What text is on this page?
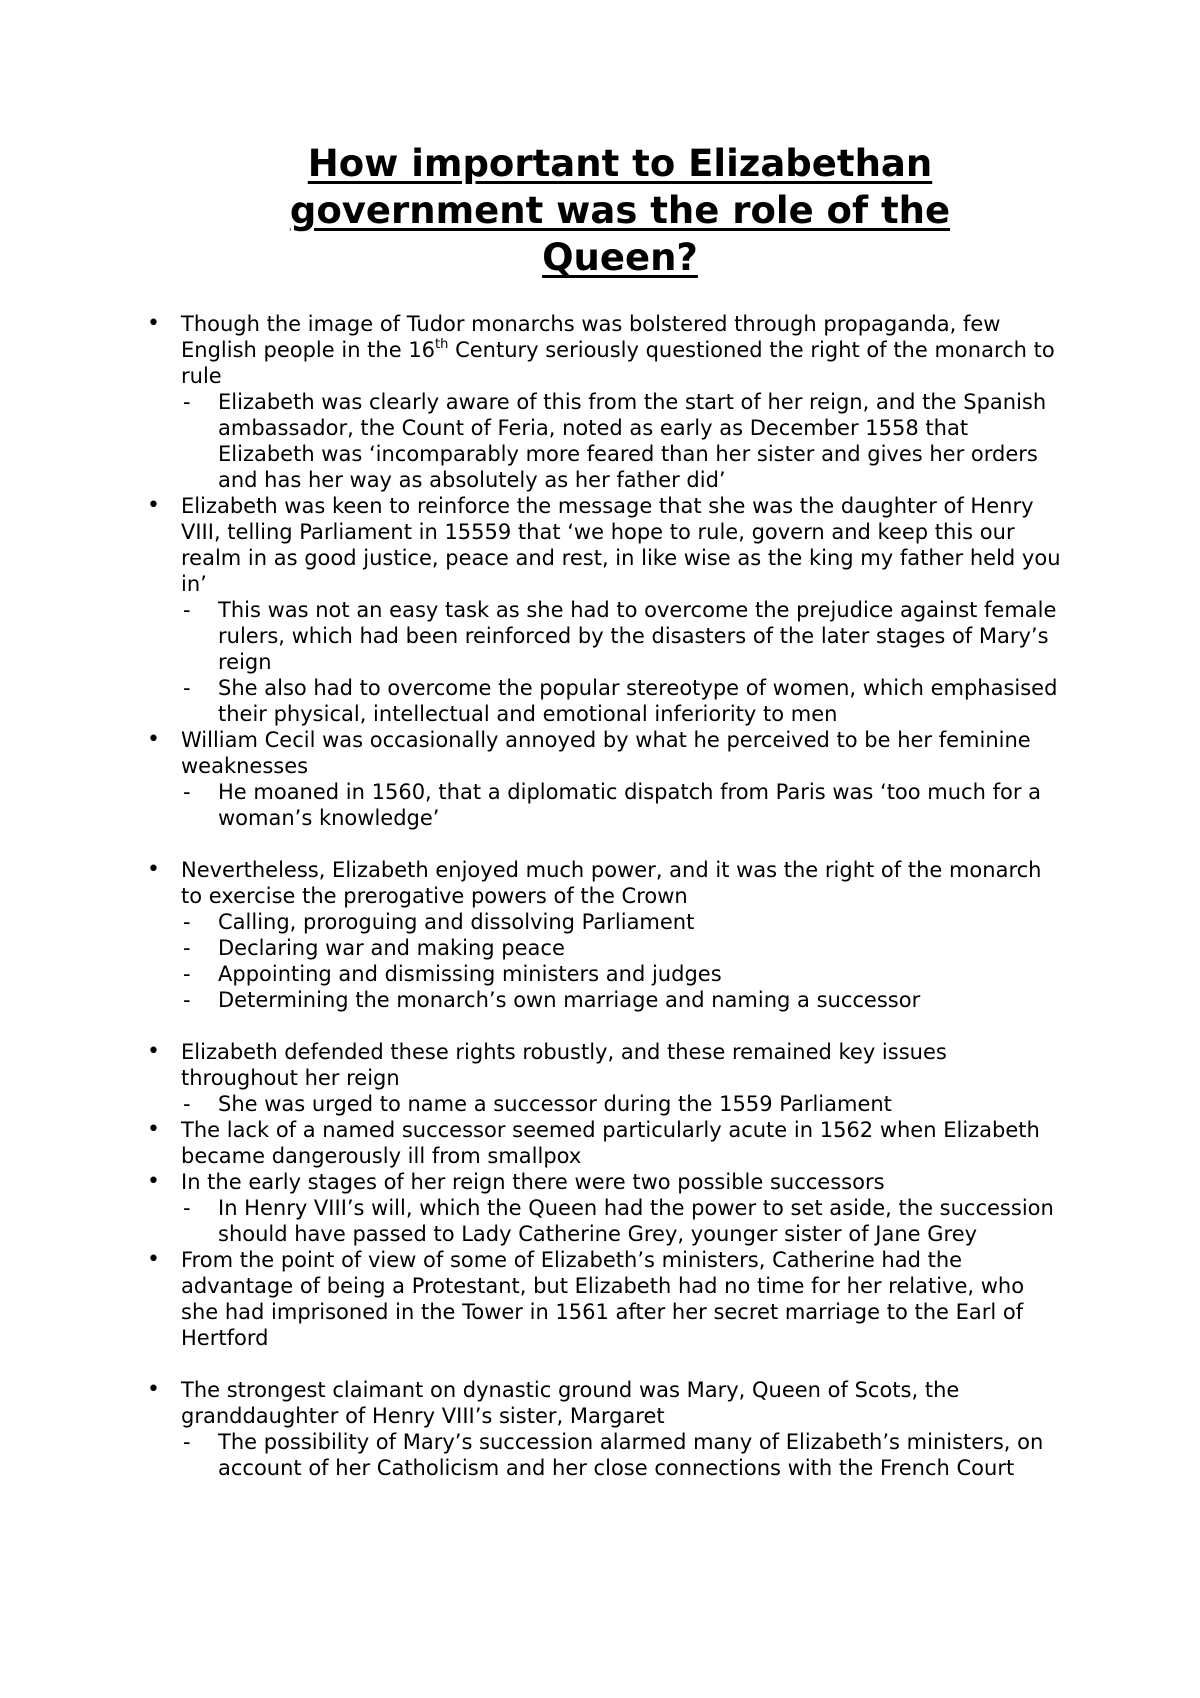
How important to Elizabethan
government was the role of the
Queen?
• Though the image of Tudor monarchs was bolstered through propaganda, few English people in the 16th Century seriously questioned the right of the monarch to rule
- Elizabeth was clearly aware of this from the start of her reign, and the Spanish ambassador, the Count of Feria, noted as early as December 1558 that Elizabeth was ‘incomparably more feared than her sister and gives her orders and has her way as absolutely as her father did’
• Elizabeth was keen to reinforce the message that she was the daughter of Henry VIII, telling Parliament in 15559 that ‘we hope to rule, govern and keep this our realm in as good justice, peace and rest, in like wise as the king my father held you in’
- This was not an easy task as she had to overcome the prejudice against female rulers, which had been reinforced by the disasters of the later stages of Mary’s reign
- She also had to overcome the popular stereotype of women, which emphasised their physical, intellectual and emotional inferiority to men
• William Cecil was occasionally annoyed by what he perceived to be her feminine weaknesses
- He moaned in 1560, that a diplomatic dispatch from Paris was ‘too much for a woman’s knowledge’
• Nevertheless, Elizabeth enjoyed much power, and it was the right of the monarch to exercise the prerogative powers of the Crown
- Calling, proroguing and dissolving Parliament
- Declaring war and making peace
- Appointing and dismissing ministers and judges
- Determining the monarch’s own marriage and naming a successor
• Elizabeth defended these rights robustly, and these remained key issues throughout her reign
- She was urged to name a successor during the 1559 Parliament
• The lack of a named successor seemed particularly acute in 1562 when Elizabeth became dangerously ill from smallpox
• In the early stages of her reign there were two possible successors
- In Henry VIII’s will, which the Queen had the power to set aside, the succession should have passed to Lady Catherine Grey, younger sister of Jane Grey
• From the point of view of some of Elizabeth’s ministers, Catherine had the advantage of being a Protestant, but Elizabeth had no time for her relative, who she had imprisoned in the Tower in 1561 after her secret marriage to the Earl of Hertford
• The strongest claimant on dynastic ground was Mary, Queen of Scots, the granddaughter of Henry VIII’s sister, Margaret
- The possibility of Mary’s succession alarmed many of Elizabeth’s ministers, on account of her Catholicism and her close connections with the French Court
